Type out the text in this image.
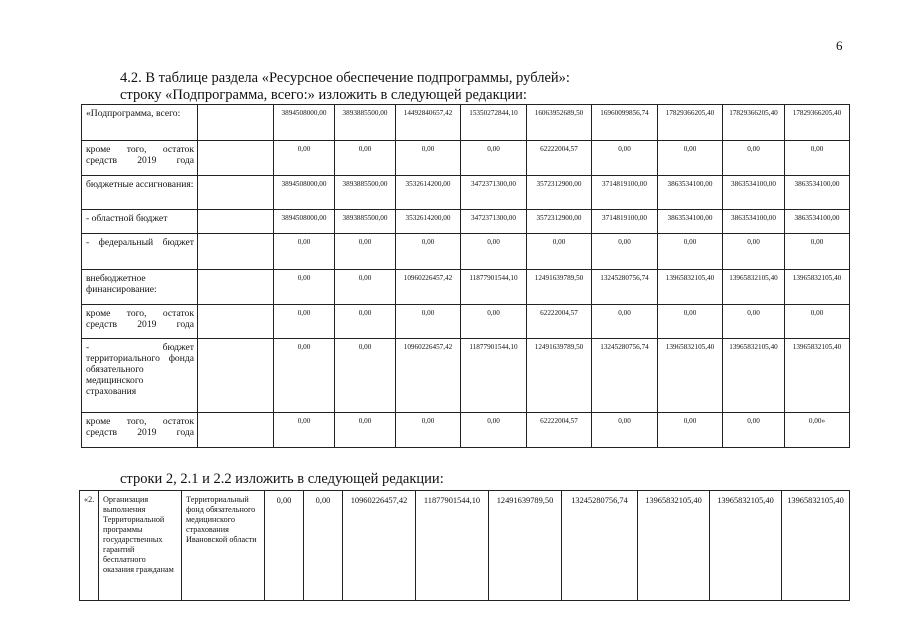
6
4.2. В таблице раздела «Ресурсное обеспечение подпрограммы, рублей»:
строку «Подпрограмма, всего:» изложить в следующей редакции:
«Подпрограмма, всего:		3894508000,00	3893885500,00	14492840657,42	15350272844,10	16063952689,50	16960099856,74	17829366205,40	17829366205,40	17829366205,40
кроме того, остаток средств 2019 года		0,00	0,00	0,00	0,00	62222004,57	0,00	0,00	0,00	0,00
бюджетные ассигнования:		3894508000,00	3893885500,00	3532614200,00	3472371300,00	3572312900,00	3714819100,00	3863534100,00	3863534100,00	3863534100,00
- областной бюджет		3894508000,00	3893885500,00	3532614200,00	3472371300,00	3572312900,00	3714819100,00	3863534100,00	3863534100,00	3863534100,00
- федеральный бюджет		0,00	0,00	0,00	0,00	0,00	0,00	0,00	0,00	0,00
внебюджетное финансирование:		0,00	0,00	10960226457,42	11877901544,10	12491639789,50	13245280756,74	13965832105,40	13965832105,40	13965832105,40
кроме того, остаток средств 2019 года		0,00	0,00	0,00	0,00	62222004,57	0,00	0,00	0,00	0,00
- бюджет территориального фонда обязательного медицинского страхования		0,00	0,00	10960226457,42	11877901544,10	12491639789,50	13245280756,74	13965832105,40	13965832105,40	13965832105,40
кроме того, остаток средств 2019 года		0,00	0,00	0,00	0,00	62222004,57	0,00	0,00	0,00	0,00»
строки 2, 2.1 и 2.2 изложить в следующей редакции:
«2.	Организация выполнения Территориальной программы государственных гарантий бесплатного оказания гражданам	Территориальный фонд обязательного медицинского страхования Ивановской области	0,00	0,00	10960226457,42	11877901544,10	12491639789,50	13245280756,74	13965832105,40	13965832105,40	13965832105,40
